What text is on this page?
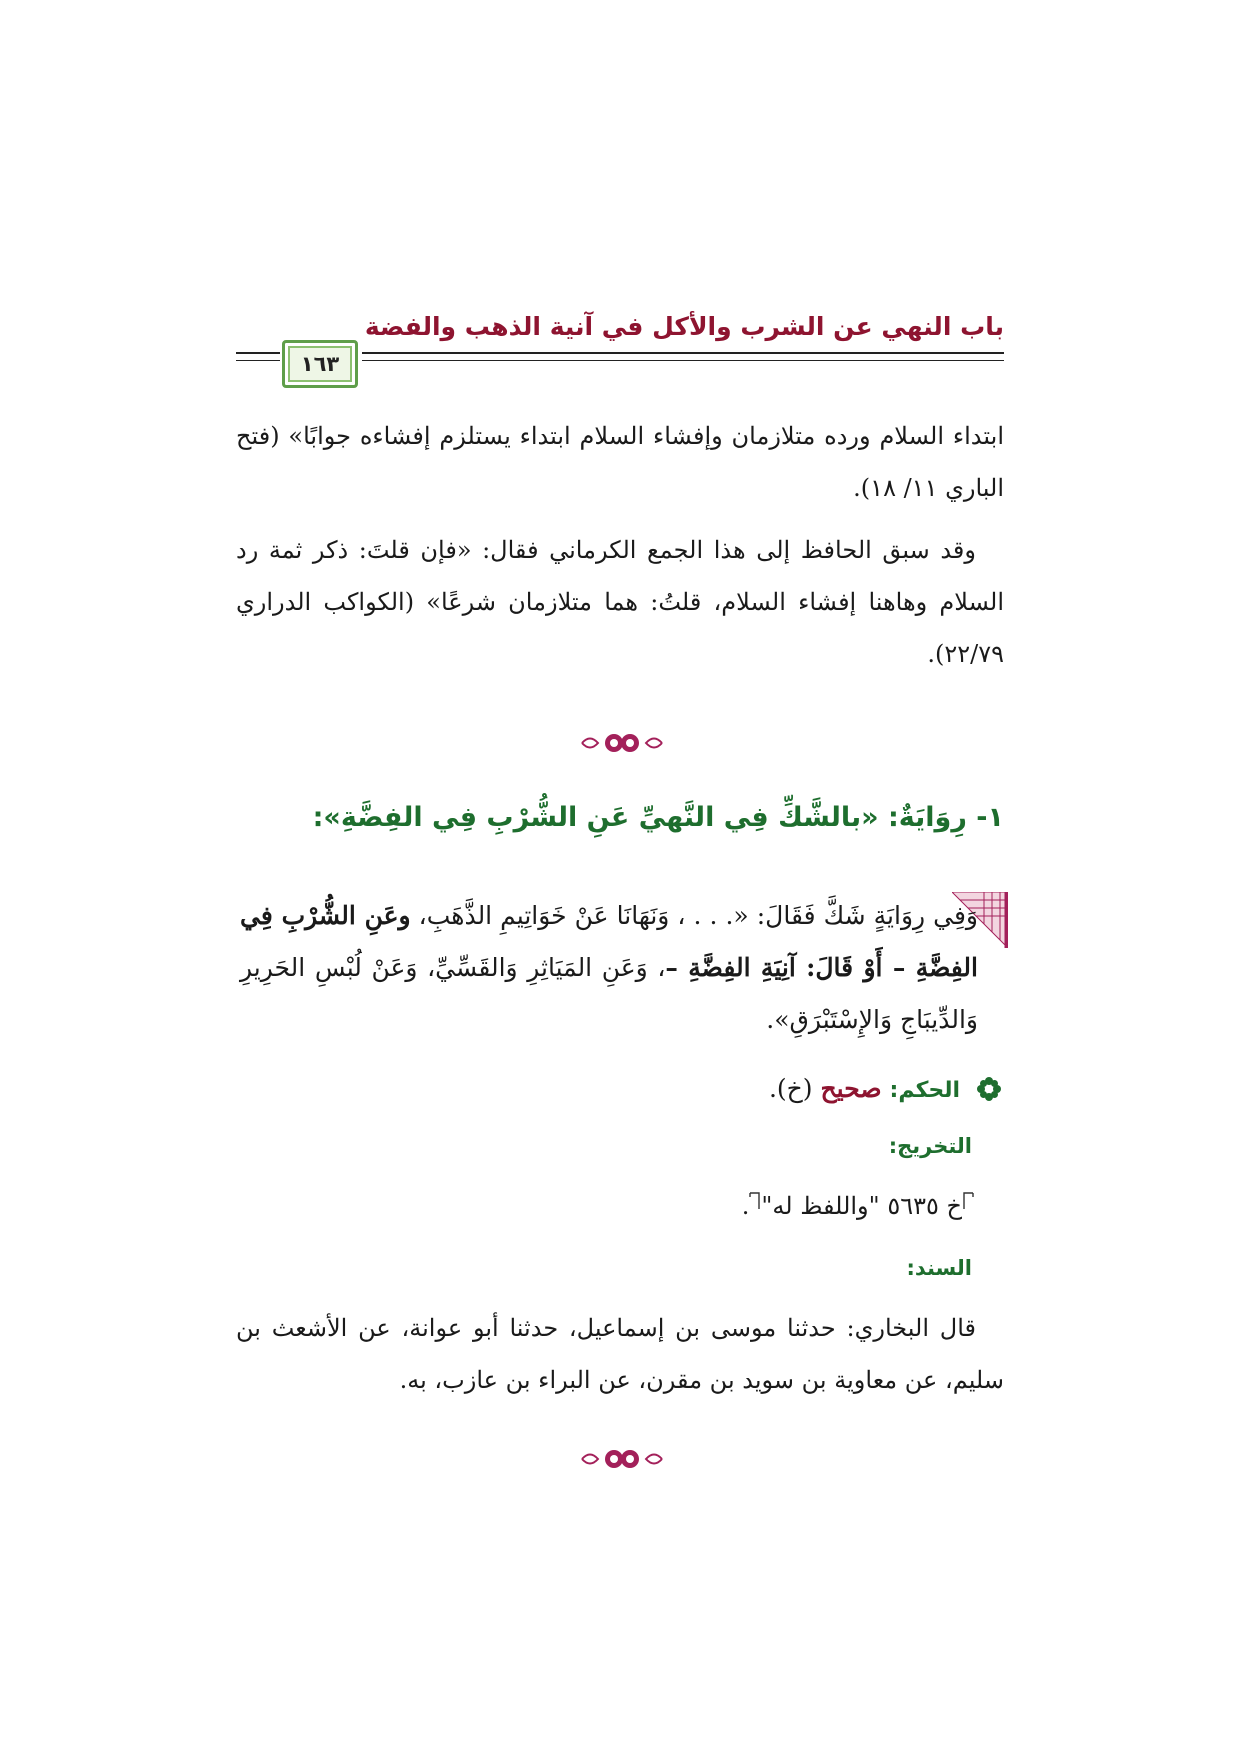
باب النهي عن الشرب والأكل في آنية الذهب والفضة
١٦٣

ابتداء السلام ورده متلازمان وإفشاء السلام ابتداء يستلزم إفشاءه جوابًا» (فتح الباري ١١/ ١٨).

وقد سبق الحافظ إلى هذا الجمع الكرماني فقال: «فإن قلتَ: ذكر ثمة رد السلام وهاهنا إفشاء السلام، قلتُ: هما متلازمان شرعًا» (الكواكب الدراري ٢٢/٧٩).

١- رِوَايَةٌ: «بالشَّكِّ فِي النَّهيِّ عَنِ الشُّرْبِ فِي الفِضَّةِ»:

وَفِي رِوَايَةٍ شَكَّ فَقَالَ: «. . . ، وَنَهَانَا عَنْ خَوَاتِيمِ الذَّهَبِ، وعَنِ الشُّرْبِ فِي الفِضَّةِ – أَوْ قَالَ: آنِيَةِ الفِضَّةِ –، وَعَنِ المَيَاثِرِ وَالقَسِّيِّ، وَعَنْ لُبْسِ الحَرِيرِ وَالدِّيبَاجِ وَالإِسْتَبْرَقِ».

الحكم: صحيح (خ).
التخريج:
خ ٥٦٣٥ "واللفظ له".
السند:

قال البخاري: حدثنا موسى بن إسماعيل، حدثنا أبو عوانة، عن الأشعث بن سليم، عن معاوية بن سويد بن مقرن، عن البراء بن عازب، به.
